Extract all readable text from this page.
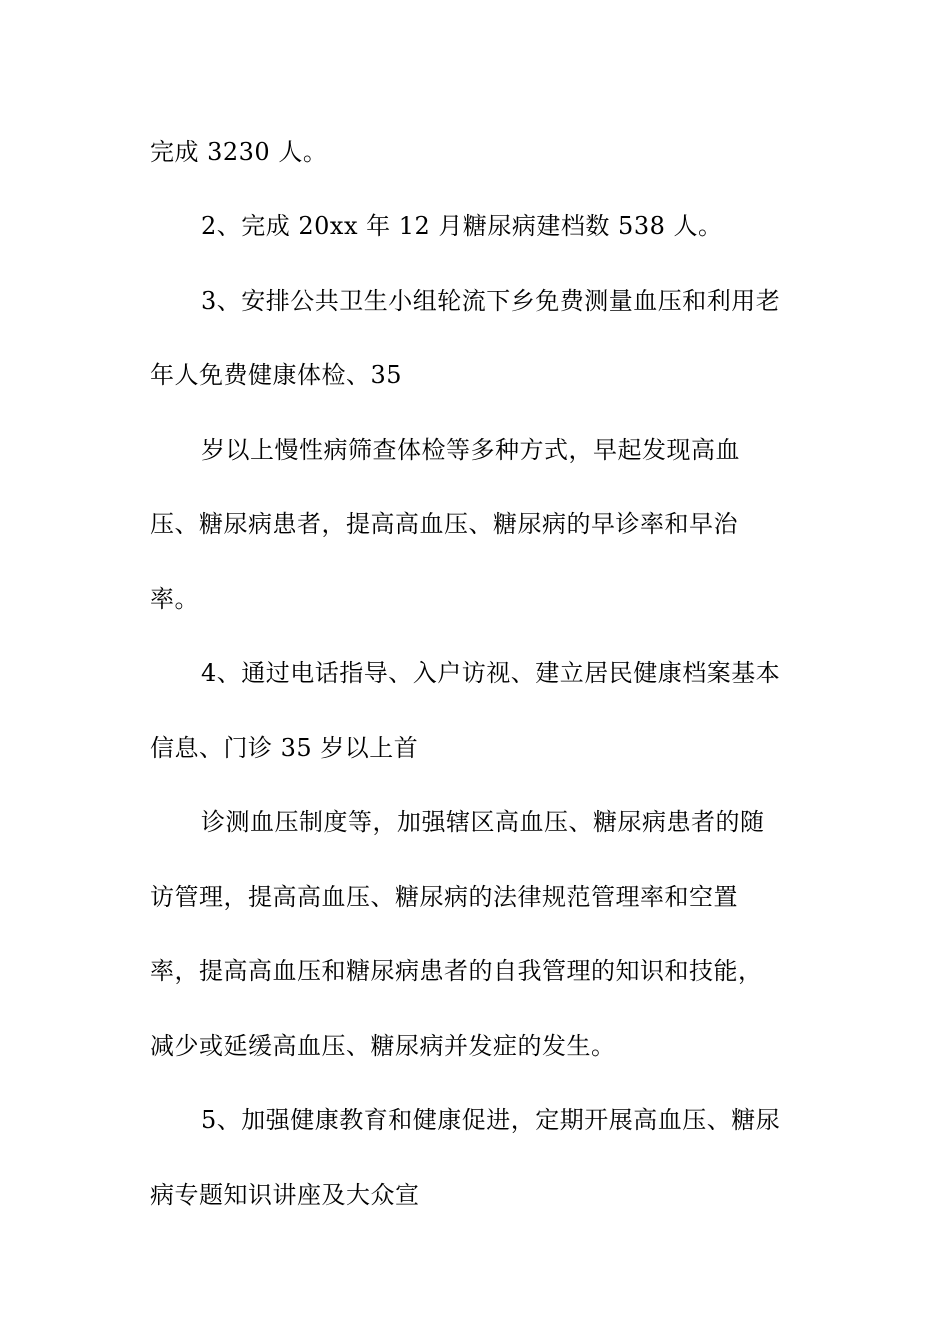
完成 3230 人。
2、完成 20xx 年 12 月糖尿病建档数 538 人。
3、安排公共卫生小组轮流下乡免费测量血压和利用老
年人免费健康体检、35
岁以上慢性病筛查体检等多种方式，早起发现高血
压、糖尿病患者，提高高血压、糖尿病的早诊率和早治
率。
4、通过电话指导、入户访视、建立居民健康档案基本
信息、门诊 35 岁以上首
诊测血压制度等，加强辖区高血压、糖尿病患者的随
访管理，提高高血压、糖尿病的法律规范管理率和空置
率，提高高血压和糖尿病患者的自我管理的知识和技能，
减少或延缓高血压、糖尿病并发症的发生。
5、加强健康教育和健康促进，定期开展高血压、糖尿
病专题知识讲座及大众宣
